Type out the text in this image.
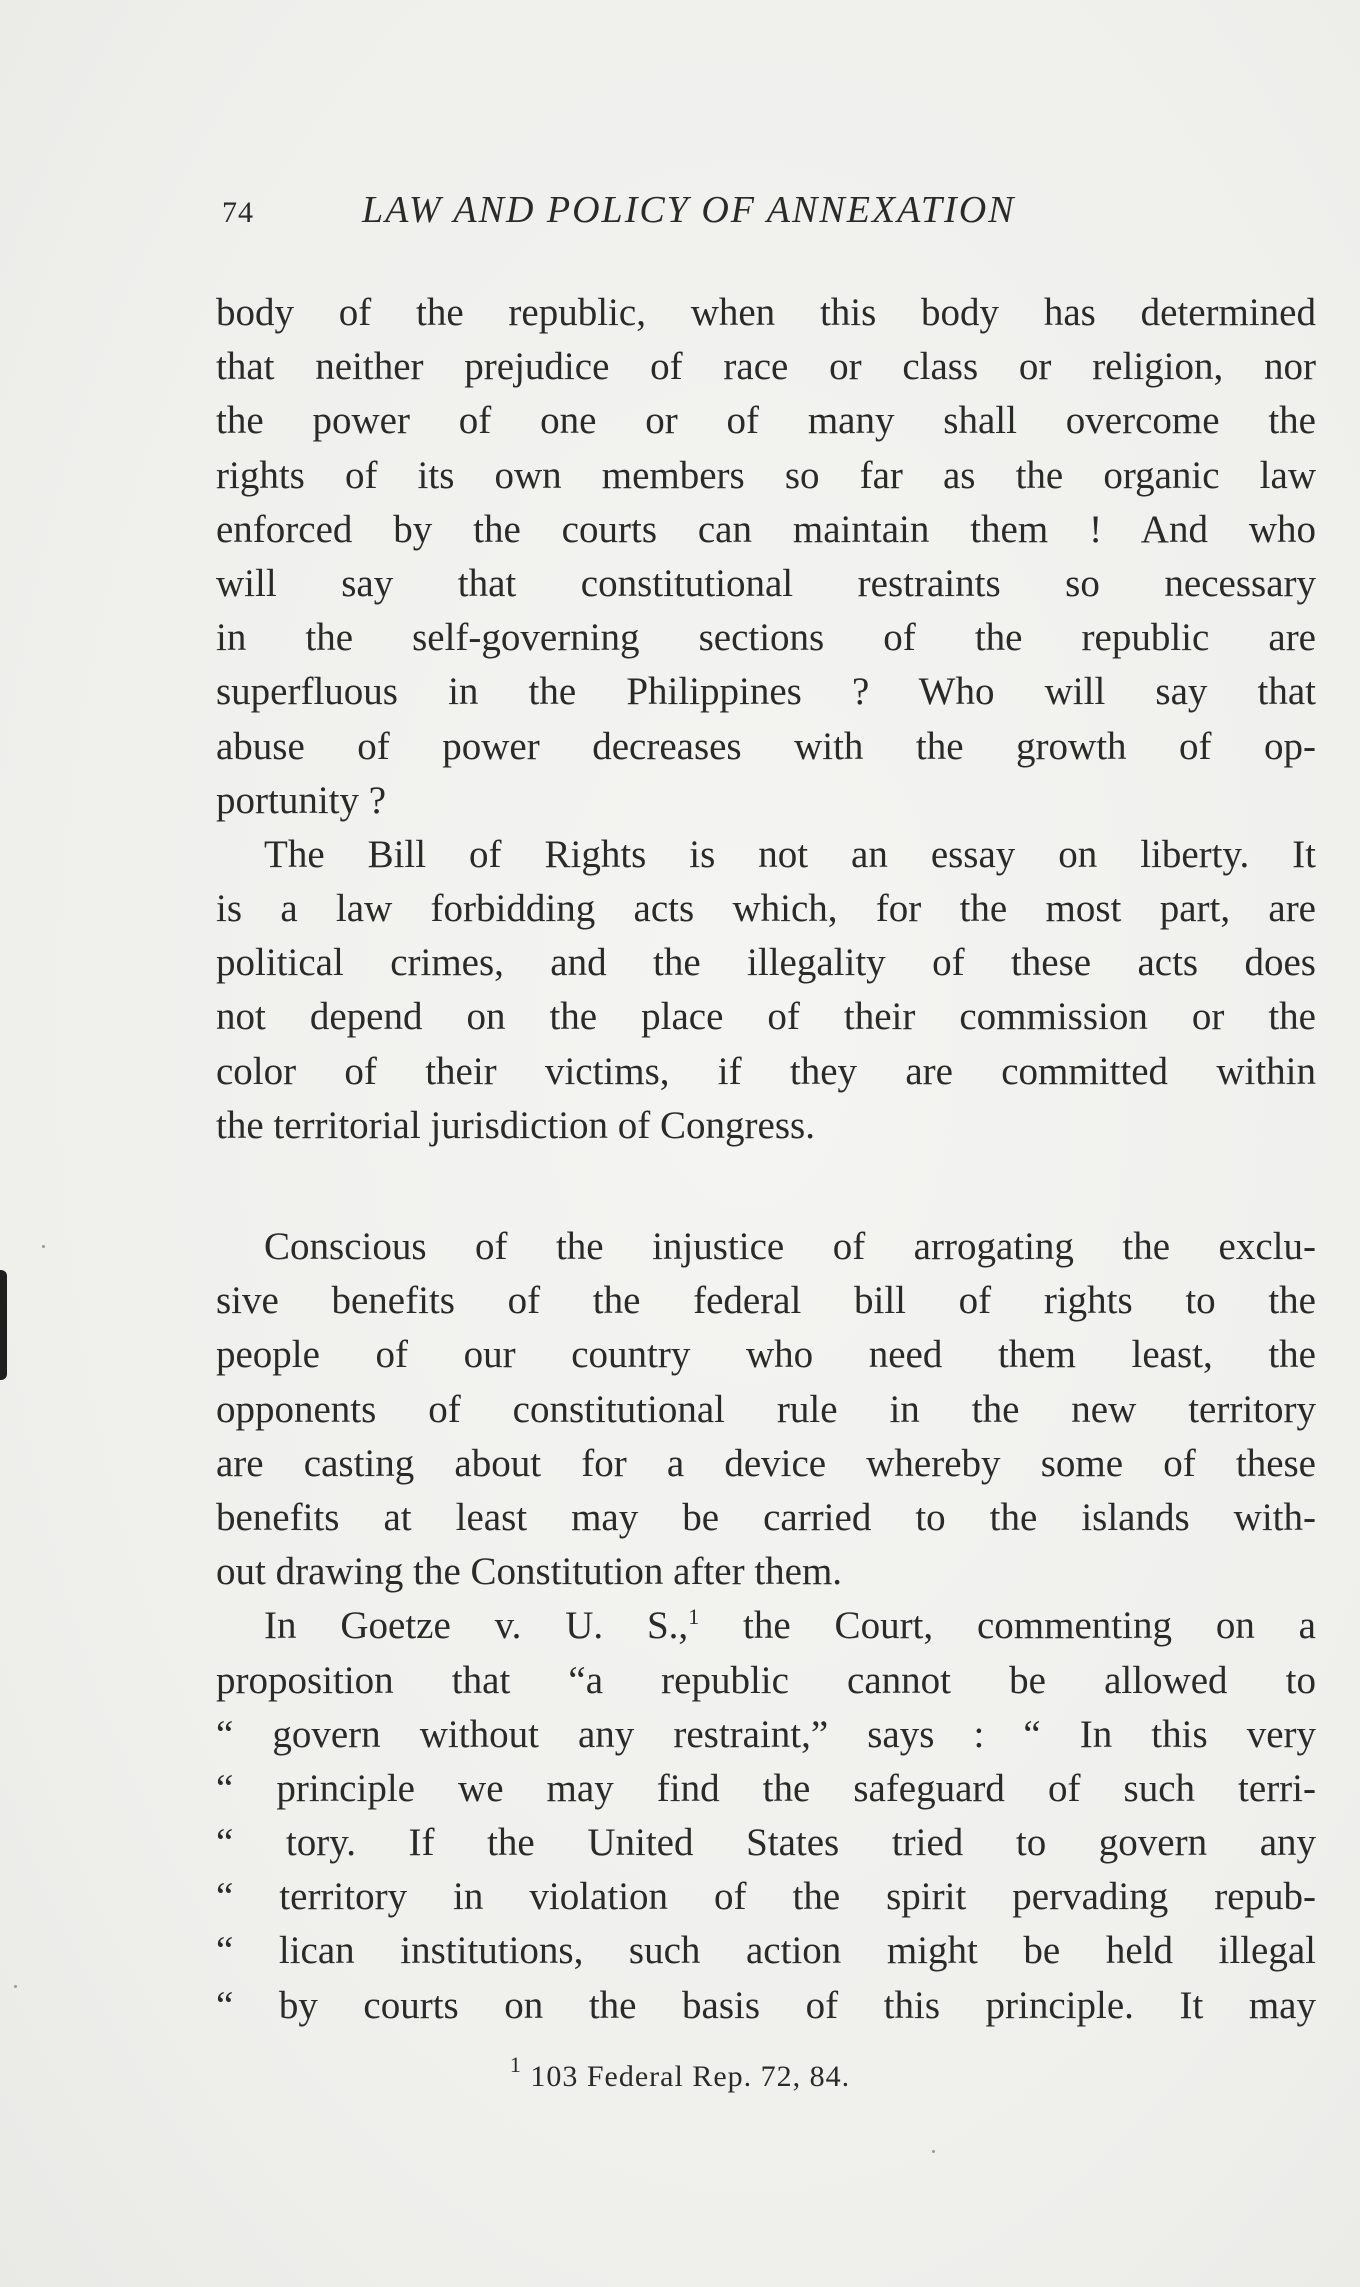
74	LAW AND POLICY OF ANNEXATION
body of the republic, when this body has determined
that neither prejudice of race or class or religion, nor
the power of one or of many shall overcome the
rights of its own members so far as the organic law
enforced by the courts can maintain them ! And who
will say that constitutional restraints so necessary
in the self-governing sections of the republic are
superfluous in the Philippines ? Who will say that
abuse of power decreases with the growth of op-
portunity ?
The Bill of Rights is not an essay on liberty. It
is a law forbidding acts which, for the most part, are
political crimes, and the illegality of these acts does
not depend on the place of their commission or the
color of their victims, if they are committed within
the territorial jurisdiction of Congress.
Conscious of the injustice of arrogating the exclu-
sive benefits of the federal bill of rights to the
people of our country who need them least, the
opponents of constitutional rule in the new territory
are casting about for a device whereby some of these
benefits at least may be carried to the islands with-
out drawing the Constitution after them.
In Goetze v. U. S.,$^1$ the Court, commenting on a
proposition that “a republic cannot be allowed to
“ govern without any restraint,” says : “ In this very
“ principle we may find the safeguard of such terri-
“ tory. If the United States tried to govern any
“ territory in violation of the spirit pervading repub-
“ lican institutions, such action might be held illegal
“ by courts on the basis of this principle. It may
$^1$ 103 Federal Rep. 72, 84.
